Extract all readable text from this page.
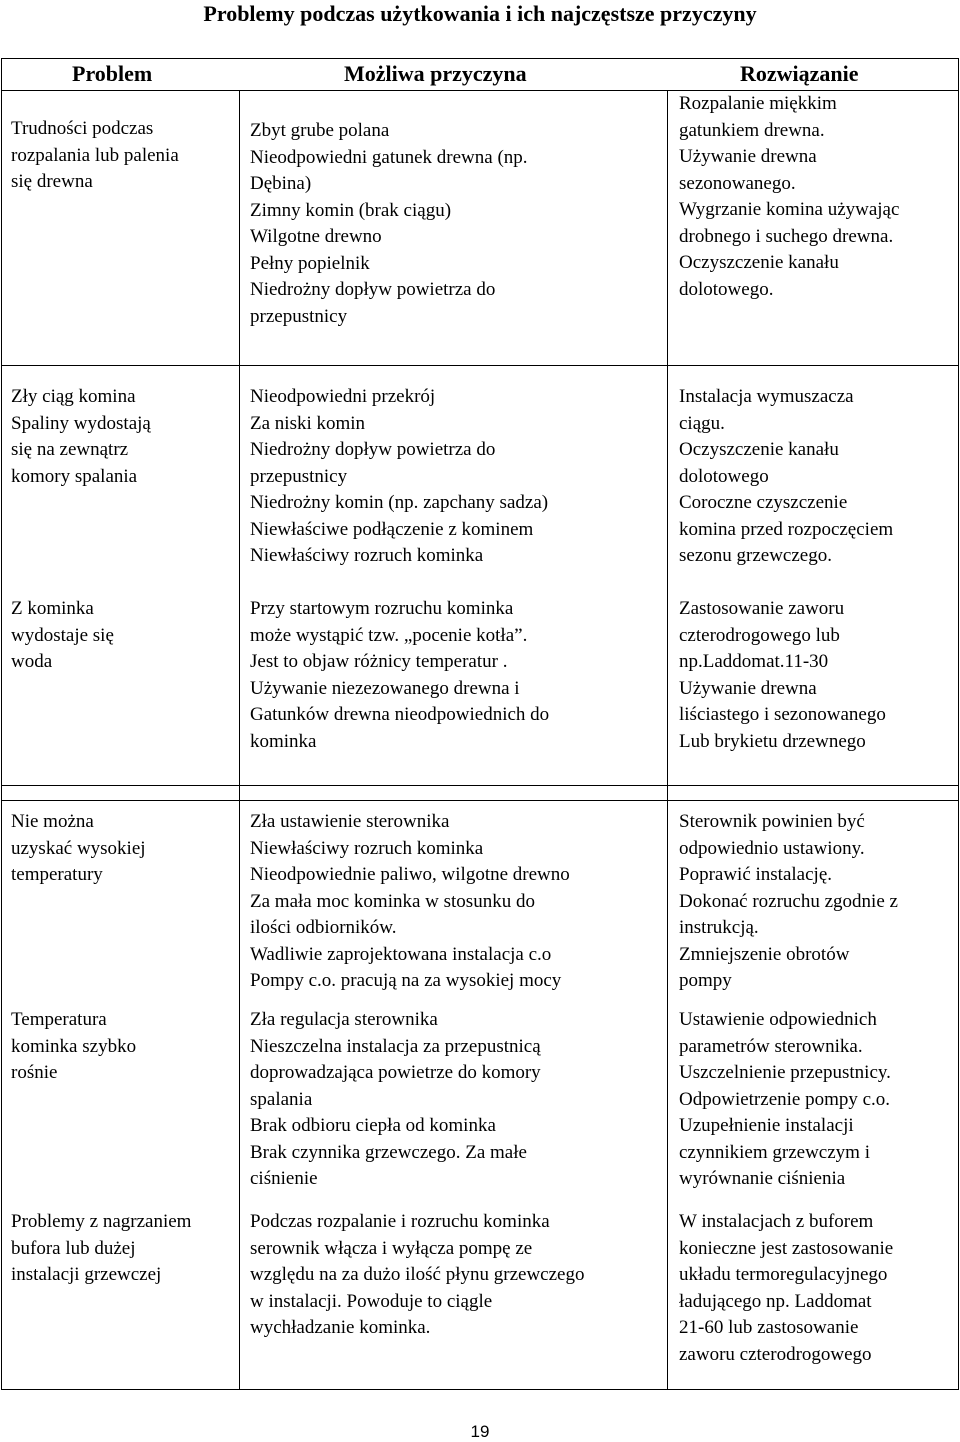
Problemy podczas użytkowania i ich najczęstsze przyczyny
Problem	Możliwa przyczyna	Rozwiązanie
Trudności podczas
rozpalania lub palenia
się drewna
Zbyt grube polana
Nieodpowiedni gatunek drewna (np.
Dębina)
Zimny komin (brak ciągu)
Wilgotne drewno
Pełny popielnik
Niedrożny dopływ powietrza do
przepustnicy
Rozpalanie miękkim
gatunkiem drewna.
Używanie drewna
sezonowanego.
Wygrzanie komina używając
drobnego i suchego drewna.
Oczyszczenie kanału
dolotowego.
Zły ciąg komina
Spaliny wydostają
się na zewnątrz
komory spalania
Nieodpowiedni przekrój
Za niski komin
Niedrożny dopływ powietrza do
przepustnicy
Niedrożny komin (np. zapchany sadza)
Niewłaściwe podłączenie z kominem
Niewłaściwy rozruch kominka
Instalacja wymuszacza
ciągu.
Oczyszczenie kanału
dolotowego
Coroczne czyszczenie
komina przed rozpoczęciem
sezonu grzewczego.
Z kominka
wydostaje się
woda
Przy startowym rozruchu kominka
może wystąpić tzw. „pocenie kotła”.
Jest to objaw różnicy temperatur .
Używanie niezezowanego drewna i
Gatunków drewna nieodpowiednich do
kominka
Zastosowanie zaworu
czterodrogowego lub
np.Laddomat.11-30
Używanie drewna
liściastego i sezonowanego
Lub brykietu drzewnego
Nie można
uzyskać wysokiej
temperatury
Zła ustawienie sterownika
Niewłaściwy rozruch kominka
Nieodpowiednie paliwo, wilgotne drewno
Za mała moc kominka w stosunku do
ilości odbiorników.
Wadliwie zaprojektowana instalacja c.o
Pompy c.o. pracują na za wysokiej mocy
Sterownik powinien być
odpowiednio ustawiony.
Poprawić instalację.
Dokonać rozruchu zgodnie z
instrukcją.
Zmniejszenie obrotów
pompy
Temperatura
kominka szybko
rośnie
Zła regulacja sterownika
Nieszczelna instalacja za przepustnicą
doprowadzająca powietrze do komory
spalania
Brak odbioru ciepła od kominka
Brak czynnika grzewczego. Za małe
ciśnienie
Ustawienie odpowiednich
parametrów sterownika.
Uszczelnienie przepustnicy.
Odpowietrzenie pompy c.o.
Uzupełnienie instalacji
czynnikiem grzewczym i
wyrównanie ciśnienia
Problemy z nagrzaniem
bufora lub dużej
instalacji grzewczej
Podczas rozpalanie i rozruchu kominka
serownik włącza i wyłącza pompę ze
względu na za dużo ilość płynu grzewczego
w instalacji. Powoduje to ciągle
wychładzanie kominka.
W instalacjach z buforem
konieczne jest zastosowanie
układu termoregulacyjnego
ładującego np. Laddomat
21-60 lub zastosowanie
zaworu czterodrogowego
19
